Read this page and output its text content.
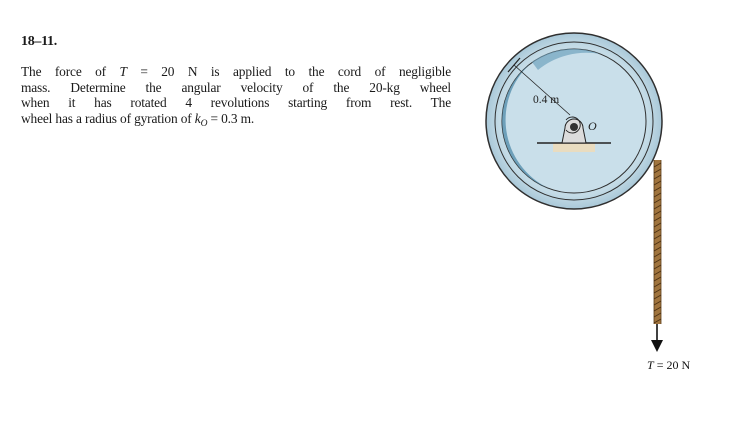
18–11.
The force of T = 20 N is applied to the cord of negligible
mass. Determine the angular velocity of the 20-kg wheel
when it has rotated 4 revolutions starting from rest. The
wheel has a radius of gyration of $k_O = 0.3$ m.
0.4 m
O
T = 20 N
